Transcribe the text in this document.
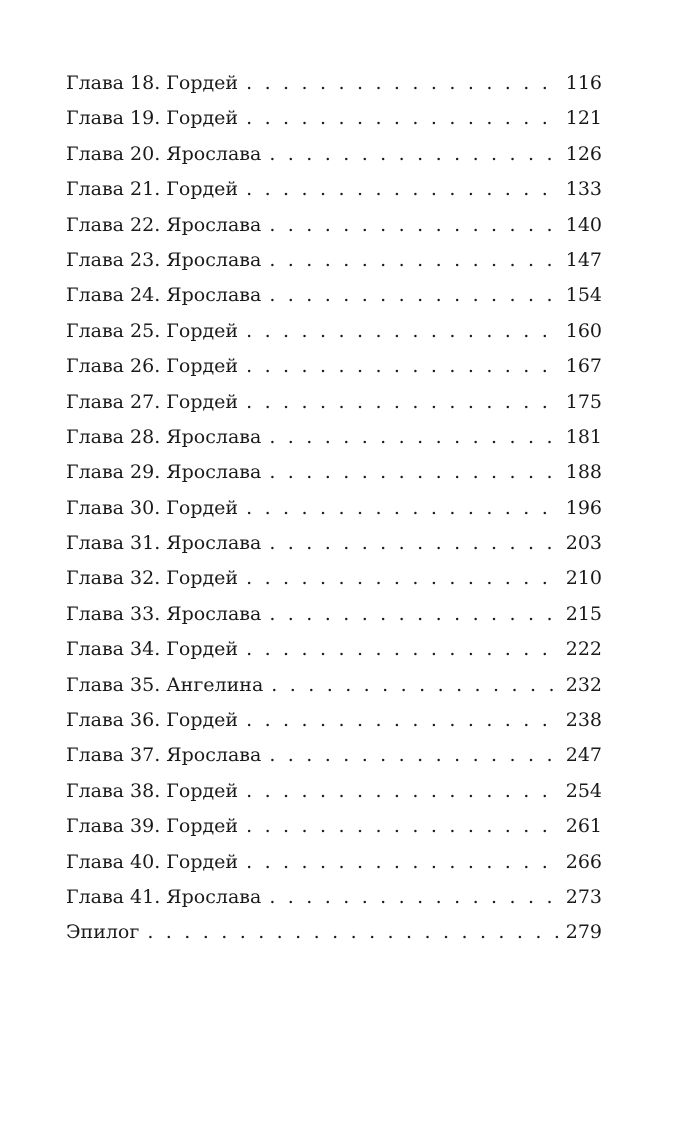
Глава 18. Гордей . . .	116
Глава 19. Гордей . . .	121
Глава 20. Ярослава . . .	126
Глава 21. Гордей . . .	133
Глава 22. Ярослава . . .	140
Глава 23. Ярослава . . .	147
Глава 24. Ярослава . . .	154
Глава 25. Гордей . . .	160
Глава 26. Гордей . . .	167
Глава 27. Гордей . . .	175
Глава 28. Ярослава . . .	181
Глава 29. Ярослава . . .	188
Глава 30. Гордей . . .	196
Глава 31. Ярослава . . .	203
Глава 32. Гордей . . .	210
Глава 33. Ярослава . . .	215
Глава 34. Гордей . . .	222
Глава 35. Ангелина . . .	232
Глава 36. Гордей . . .	238
Глава 37. Ярослава . . .	247
Глава 38. Гордей . . .	254
Глава 39. Гордей . . .	261
Глава 40. Гордей . . .	266
Глава 41. Ярослава . . .	273
Эпилог . . .	279
